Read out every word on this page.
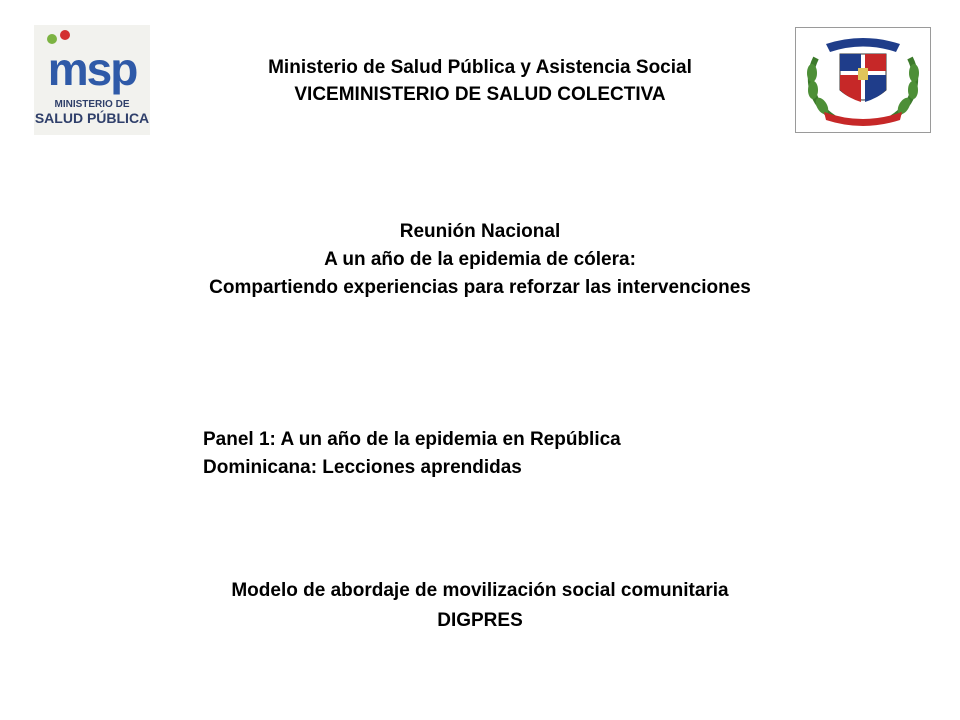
msp
MINISTERIO DE
SALUD PÚBLICA
Ministerio de Salud Pública y Asistencia Social
VICEMINISTERIO DE SALUD COLECTIVA
Reunión Nacional
A un año de la epidemia de cólera:
Compartiendo experiencias para reforzar las intervenciones
Panel 1: A un año de la epidemia en República
Dominicana: Lecciones aprendidas
Modelo de abordaje de movilización social comunitaria
DIGPRES
